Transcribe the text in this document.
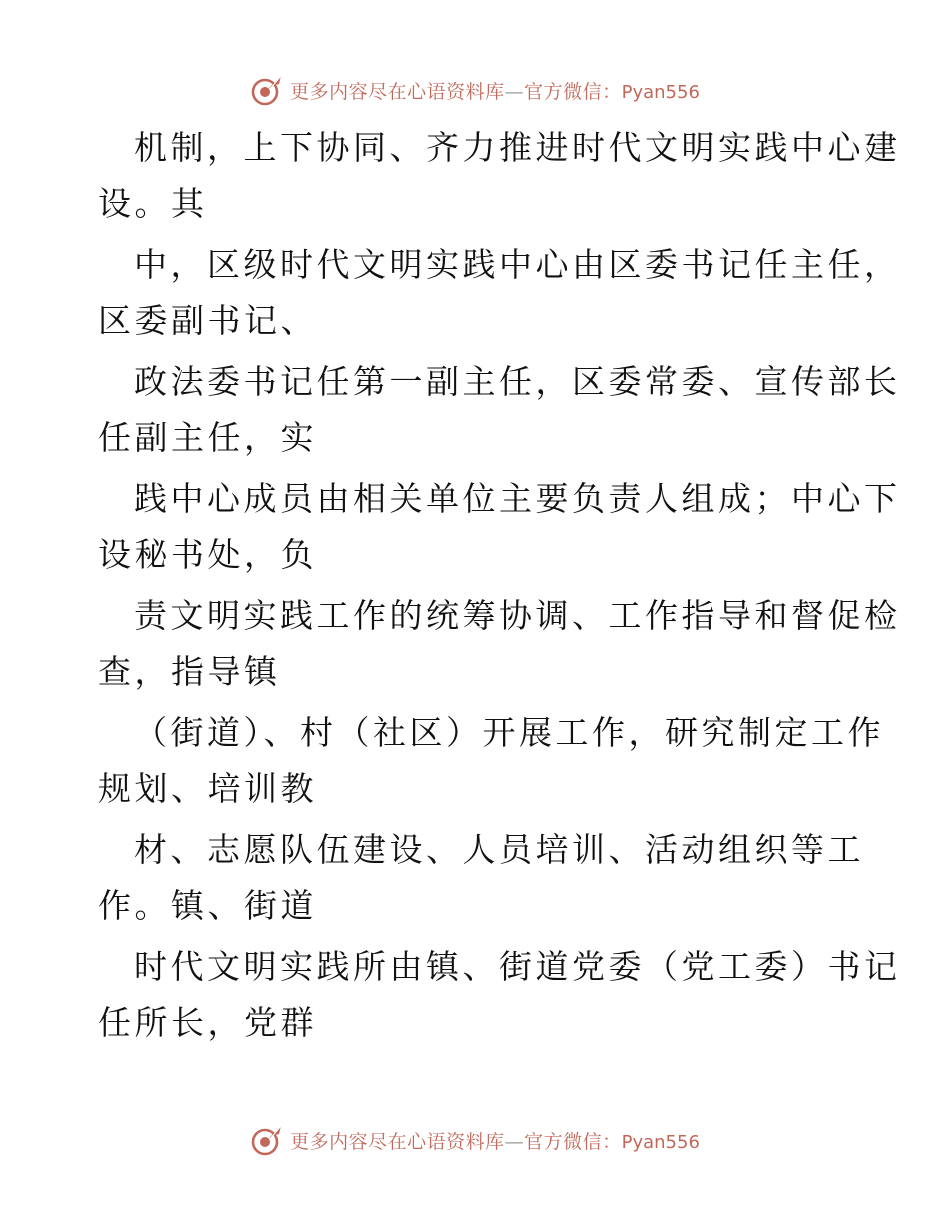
更多内容尽在心语资料库—官方微信：Pyan556
机制，上下协同、齐力推进时代文明实践中心建
设。其
中，区级时代文明实践中心由区委书记任主任，
区委副书记、
政法委书记任第一副主任，区委常委、宣传部长
任副主任，实
践中心成员由相关单位主要负责人组成；中心下
设秘书处，负
责文明实践工作的统筹协调、工作指导和督促检
查，指导镇
（街道）、村（社区）开展工作，研究制定工作
规划、培训教
材、志愿队伍建设、人员培训、活动组织等工
作。镇、街道
时代文明实践所由镇、街道党委（党工委）书记
任所长，党群
更多内容尽在心语资料库—官方微信：Pyan556
